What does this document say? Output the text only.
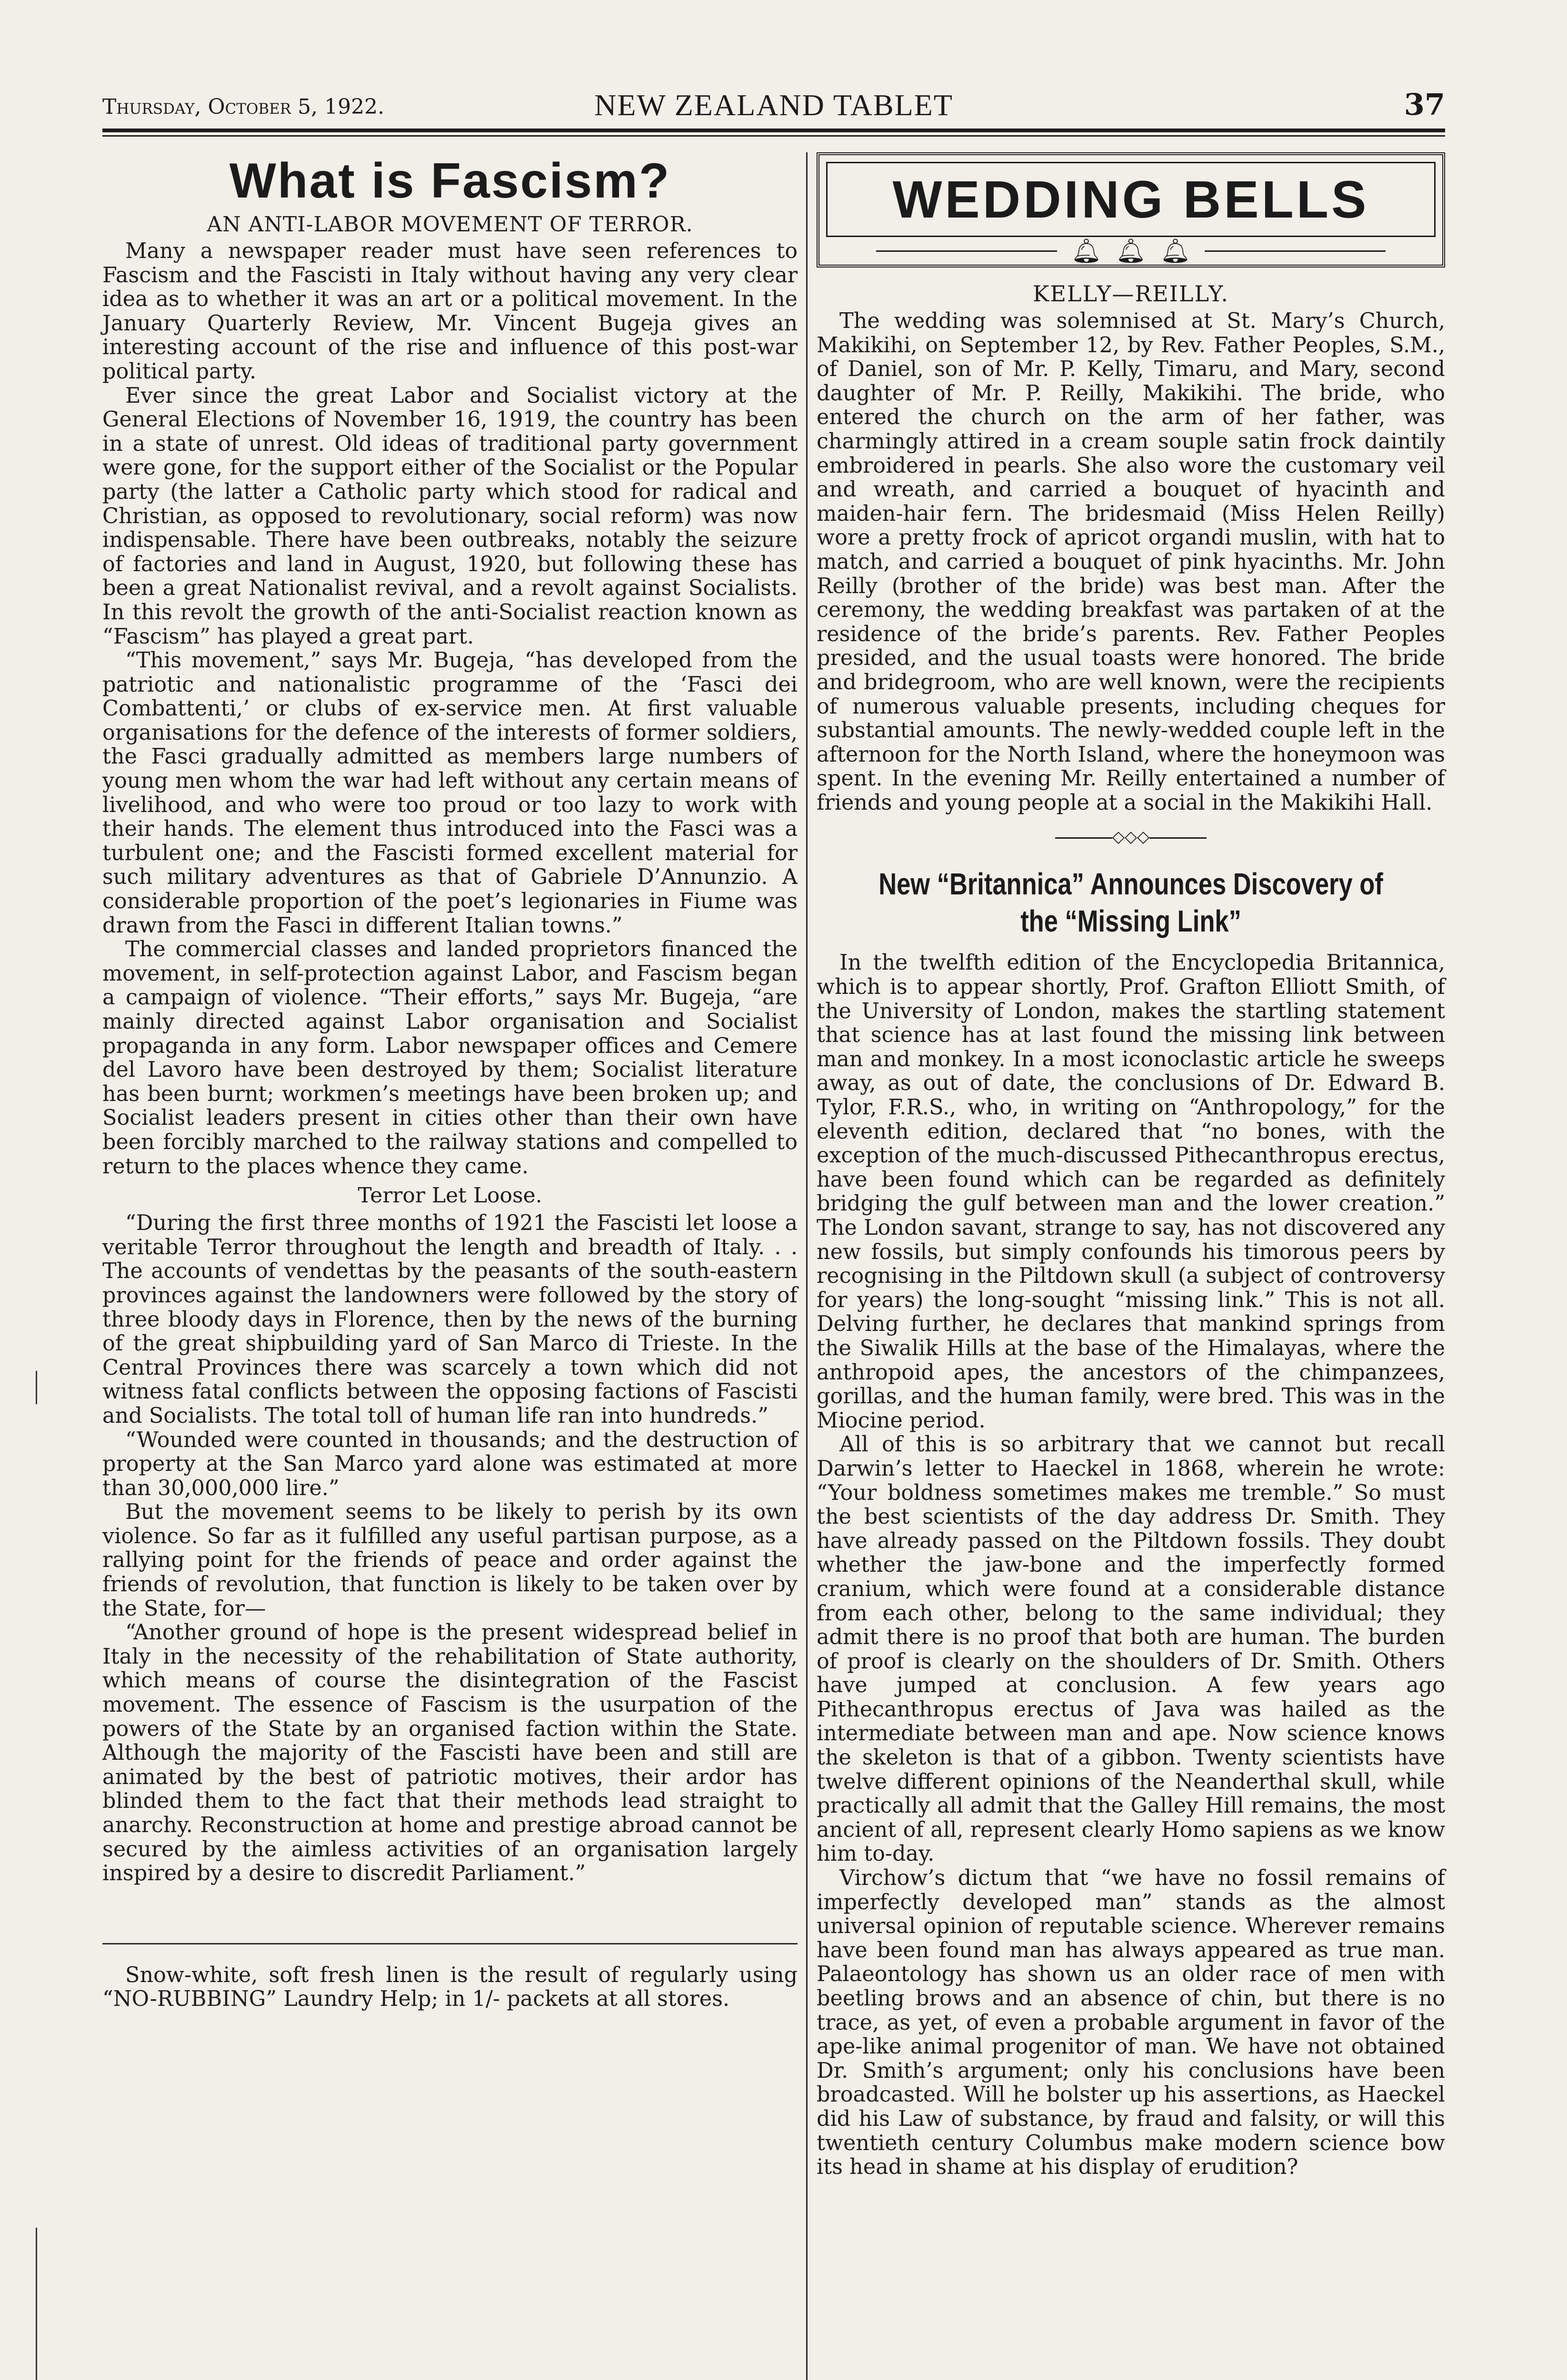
Thursday, October 5, 1922.	NEW ZEALAND TABLET	37
What is Fascism?
AN ANTI-LABOR MOVEMENT OF TERROR.

Many a newspaper reader must have seen references to Fascism and the Fascisti in Italy without having any very clear idea as to whether it was an art or a political movement. In the January Quarterly Review, Mr. Vincent Bugeja gives an interesting account of the rise and influence of this post-war political party.

Ever since the great Labor and Socialist victory at the General Elections of November 16, 1919, the country has been in a state of unrest. Old ideas of traditional party government were gone, for the support either of the Socialist or the Popular party (the latter a Catholic party which stood for radical and Christian, as opposed to revolutionary, social reform) was now indispensable. There have been outbreaks, notably the seizure of factories and land in August, 1920, but following these has been a great Nationalist revival, and a revolt against Socialists. In this revolt the growth of the anti-Socialist reaction known as “Fascism” has played a great part.

“This movement,” says Mr. Bugeja, “has developed from the patriotic and nationalistic programme of the ‘Fasci dei Combattenti,’ or clubs of ex-service men. At first valuable organisations for the defence of the interests of former soldiers, the Fasci gradually admitted as members large numbers of young men whom the war had left without any certain means of livelihood, and who were too proud or too lazy to work with their hands. The element thus introduced into the Fasci was a turbulent one; and the Fascisti formed excellent material for such military adventures as that of Gabriele D’Annunzio. A considerable proportion of the poet’s legionaries in Fiume was drawn from the Fasci in different Italian towns.”

The commercial classes and landed proprietors financed the movement, in self-protection against Labor, and Fascism began a campaign of violence. “Their efforts,” says Mr. Bugeja, “are mainly directed against Labor organisation and Socialist propaganda in any form. Labor newspaper offices and Cemere del Lavoro have been destroyed by them; Socialist literature has been burnt; workmen’s meetings have been broken up; and Socialist leaders present in cities other than their own have been forcibly marched to the railway stations and compelled to return to the places whence they came.

Terror Let Loose.

“During the first three months of 1921 the Fascisti let loose a veritable Terror throughout the length and breadth of Italy. . . The accounts of vendettas by the peasants of the south-eastern provinces against the landowners were followed by the story of three bloody days in Florence, then by the news of the burning of the great shipbuilding yard of San Marco di Trieste. In the Central Provinces there was scarcely a town which did not witness fatal conflicts between the opposing factions of Fascisti and Socialists. The total toll of human life ran into hundreds.”

“Wounded were counted in thousands; and the destruction of property at the San Marco yard alone was estimated at more than 30,000,000 lire.”

But the movement seems to be likely to perish by its own violence. So far as it fulfilled any useful partisan purpose, as a rallying point for the friends of peace and order against the friends of revolution, that function is likely to be taken over by the State, for—

“Another ground of hope is the present widespread belief in Italy in the necessity of the rehabilitation of State authority, which means of course the disintegration of the Fascist movement. The essence of Fascism is the usurpation of the powers of the State by an organised faction within the State. Although the majority of the Fascisti have been and still are animated by the best of patriotic motives, their ardor has blinded them to the fact that their methods lead straight to anarchy. Reconstruction at home and prestige abroad cannot be secured by the aimless activities of an organisation largely inspired by a desire to discredit Parliament.”

Snow-white, soft fresh linen is the result of regularly using “NO-RUBBING” Laundry Help; in 1/- packets at all stores.

WEDDING BELLS
🔔︎ 🔔︎ 🔔︎
KELLY—REILLY.

The wedding was solemnised at St. Mary’s Church, Makikihi, on September 12, by Rev. Father Peoples, S.M., of Daniel, son of Mr. P. Kelly, Timaru, and Mary, second daughter of Mr. P. Reilly, Makikihi. The bride, who entered the church on the arm of her father, was charmingly attired in a cream souple satin frock daintily embroidered in pearls. She also wore the customary veil and wreath, and carried a bouquet of hyacinth and maiden-hair fern. The bridesmaid (Miss Helen Reilly) wore a pretty frock of apricot organdi muslin, with hat to match, and carried a bouquet of pink hyacinths. Mr. John Reilly (brother of the bride) was best man. After the ceremony, the wedding breakfast was partaken of at the residence of the bride’s parents. Rev. Father Peoples presided, and the usual toasts were honored. The bride and bridegroom, who are well known, were the recipients of numerous valuable presents, including cheques for substantial amounts. The newly-wedded couple left in the afternoon for the North Island, where the honeymoon was spent. In the evening Mr. Reilly entertained a number of friends and young people at a social in the Makikihi Hall.

◇◇◇
New “Britannica” Announces Discovery of the “Missing Link”

In the twelfth edition of the Encyclopedia Britannica, which is to appear shortly, Prof. Grafton Elliott Smith, of the University of London, makes the startling statement that science has at last found the missing link between man and monkey. In a most iconoclastic article he sweeps away, as out of date, the conclusions of Dr. Edward B. Tylor, F.R.S., who, in writing on “Anthropology,” for the eleventh edition, declared that “no bones, with the exception of the much-discussed Pithecanthropus erectus, have been found which can be regarded as definitely bridging the gulf between man and the lower creation.” The London savant, strange to say, has not discovered any new fossils, but simply confounds his timorous peers by recognising in the Piltdown skull (a subject of controversy for years) the long-sought “missing link.” This is not all. Delving further, he declares that mankind springs from the Siwalik Hills at the base of the Himalayas, where the anthropoid apes, the ancestors of the chimpanzees, gorillas, and the human family, were bred. This was in the Miocine period.

All of this is so arbitrary that we cannot but recall Darwin’s letter to Haeckel in 1868, wherein he wrote: “Your boldness sometimes makes me tremble.” So must the best scientists of the day address Dr. Smith. They have already passed on the Piltdown fossils. They doubt whether the jaw-bone and the imperfectly formed cranium, which were found at a considerable distance from each other, belong to the same individual; they admit there is no proof that both are human. The burden of proof is clearly on the shoulders of Dr. Smith. Others have jumped at conclusion. A few years ago Pithecanthropus erectus of Java was hailed as the intermediate between man and ape. Now science knows the skeleton is that of a gibbon. Twenty scientists have twelve different opinions of the Neanderthal skull, while practically all admit that the Galley Hill remains, the most ancient of all, represent clearly Homo sapiens as we know him to-day.

Virchow’s dictum that “we have no fossil remains of imperfectly developed man” stands as the almost universal opinion of reputable science. Wherever remains have been found man has always appeared as true man. Palaeontology has shown us an older race of men with beetling brows and an absence of chin, but there is no trace, as yet, of even a probable argument in favor of the ape-like animal progenitor of man. We have not obtained Dr. Smith’s argument; only his conclusions have been broadcasted. Will he bolster up his assertions, as Haeckel did his Law of substance, by fraud and falsity, or will this twentieth century Columbus make modern science bow its head in shame at his display of erudition?
